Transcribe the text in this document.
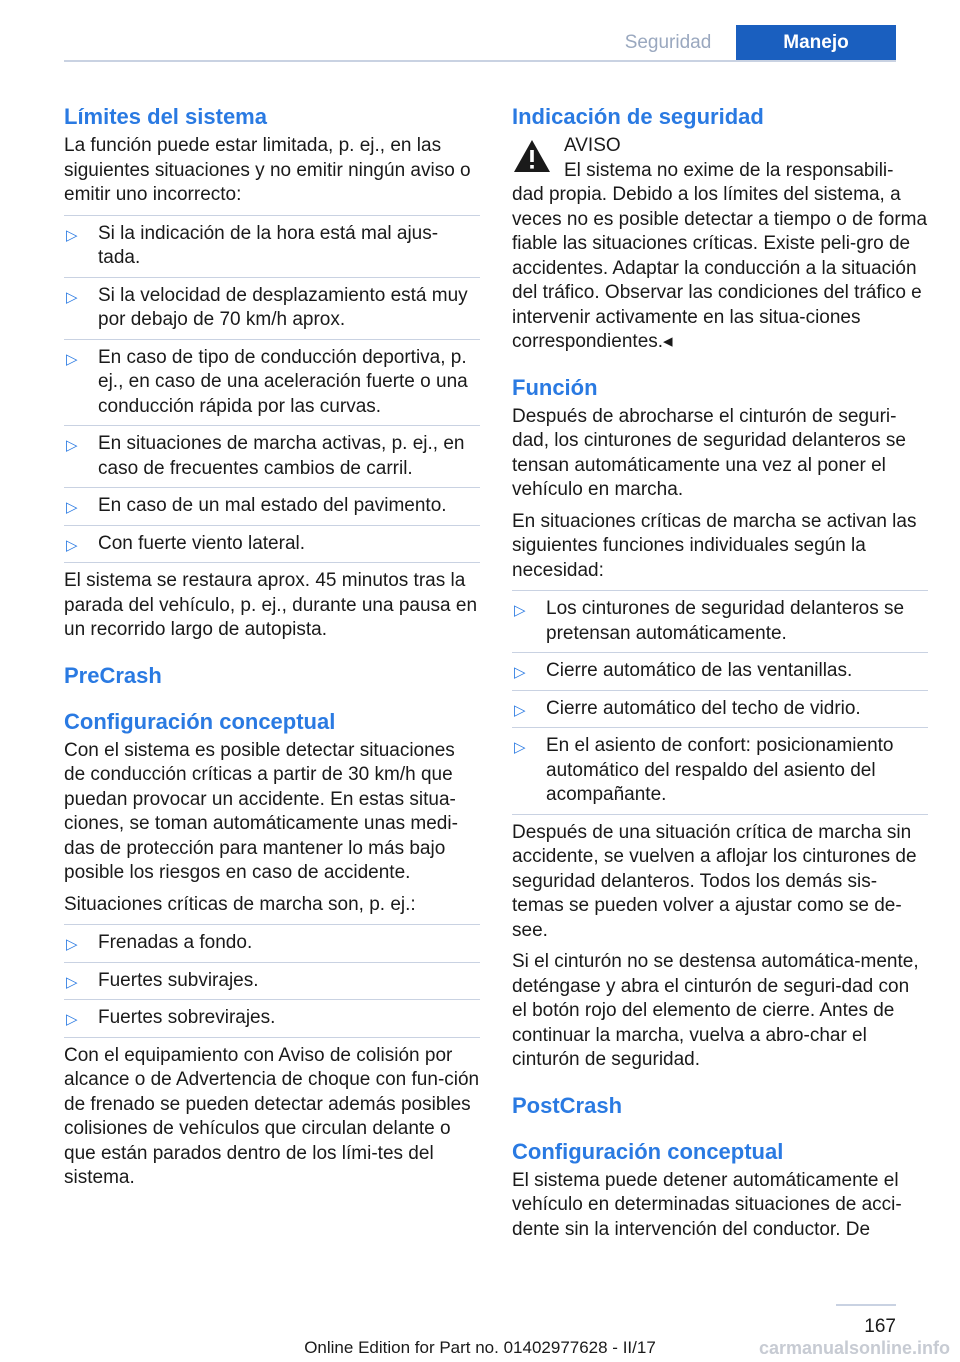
Seguridad	Manejo
Límites del sistema

La función puede estar limitada, p. ej., en las siguientes situaciones y no emitir ningún aviso o emitir uno incorrecto:

▷ Si la indicación de la hora está mal ajus-tada.
▷ Si la velocidad de desplazamiento está muy por debajo de 70 km/h aprox.
▷ En caso de tipo de conducción deportiva, p. ej., en caso de una aceleración fuerte o una conducción rápida por las curvas.
▷ En situaciones de marcha activas, p. ej., en caso de frecuentes cambios de carril.
▷ En caso de un mal estado del pavimento.
▷ Con fuerte viento lateral.

El sistema se restaura aprox. 45 minutos tras la parada del vehículo, p. ej., durante una pausa en un recorrido largo de autopista.

PreCrash
Configuración conceptual

Con el sistema es posible detectar situaciones de conducción críticas a partir de 30 km/h que puedan provocar un accidente. En estas situa-ciones, se toman automáticamente unas medi-das de protección para mantener lo más bajo posible los riesgos en caso de accidente.

Situaciones críticas de marcha son, p. ej.:

▷ Frenadas a fondo.
▷ Fuertes subvirajes.
▷ Fuertes sobrevirajes.

Con el equipamiento con Aviso de colisión por alcance o de Advertencia de choque con fun-ción de frenado se pueden detectar además posibles colisiones de vehículos que circulan delante o que están parados dentro de los lími-tes del sistema.

Indicación de seguridad
AVISO
El sistema no exime de la responsabili-
dad propia. Debido a los límites del sistema, a veces no es posible detectar a tiempo o de forma fiable las situaciones críticas. Existe peli-gro de accidentes. Adaptar la conducción a la situación del tráfico. Observar las condiciones del tráfico e intervenir activamente en las situa-ciones correspondientes.◂
Función

Después de abrocharse el cinturón de seguri-dad, los cinturones de seguridad delanteros se tensan automáticamente una vez al poner el vehículo en marcha.

En situaciones críticas de marcha se activan las siguientes funciones individuales según la necesidad:

▷ Los cinturones de seguridad delanteros se pretensan automáticamente.
▷ Cierre automático de las ventanillas.
▷ Cierre automático del techo de vidrio.
▷ En el asiento de confort: posicionamiento automático del respaldo del asiento del acompañante.

Después de una situación crítica de marcha sin accidente, se vuelven a aflojar los cinturones de seguridad delanteros. Todos los demás sis-temas se pueden volver a ajustar como se de-see.

Si el cinturón no se destensa automática-mente, deténgase y abra el cinturón de seguri-dad con el botón rojo del elemento de cierre. Antes de continuar la marcha, vuelva a abro-char el cinturón de seguridad.

PostCrash
Configuración conceptual

El sistema puede detener automáticamente el vehículo en determinadas situaciones de acci-dente sin la intervención del conductor. De

167
Online Edition for Part no. 01402977628 - II/17	carmanualsonline.info
